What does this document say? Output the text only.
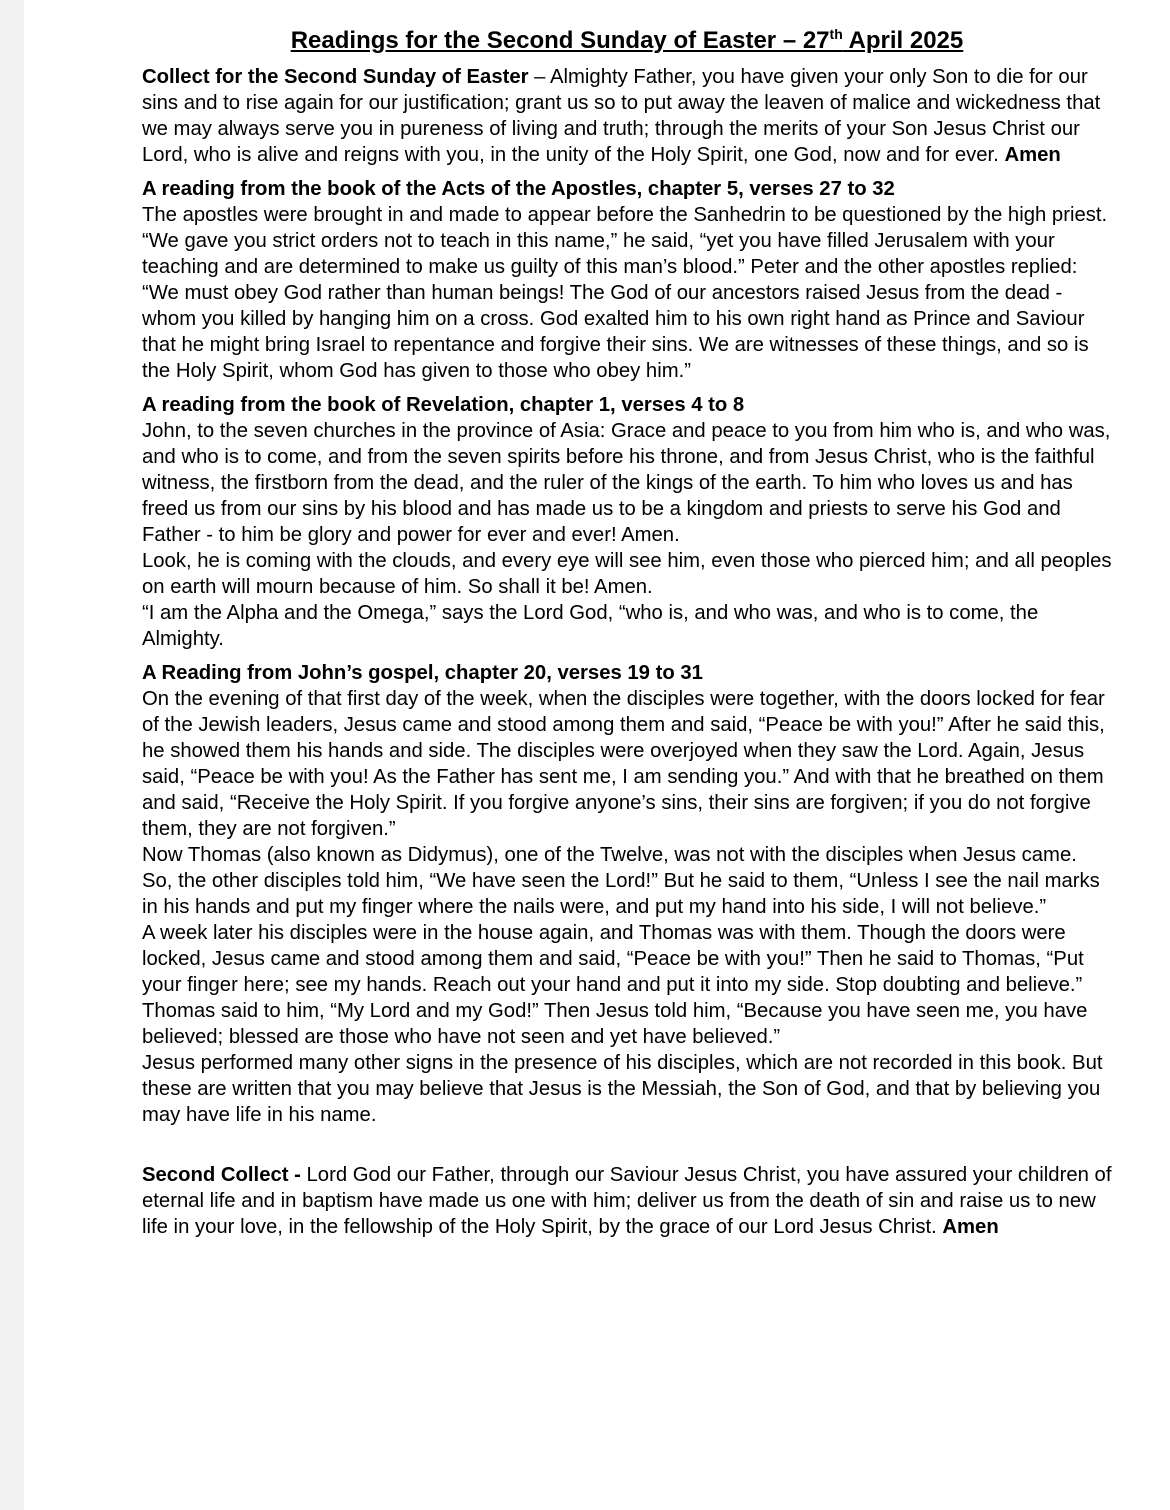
Readings for the Second Sunday of Easter – 27th April 2025

Collect for the Second Sunday of Easter – Almighty Father, you have given your only Son to die for our sins and to rise again for our justification; grant us so to put away the leaven of malice and wickedness that we may always serve you in pureness of living and truth; through the merits of your Son Jesus Christ our Lord, who is alive and reigns with you, in the unity of the Holy Spirit, one God, now and for ever. Amen

A reading from the book of the Acts of the Apostles, chapter 5, verses 27 to 32

The apostles were brought in and made to appear before the Sanhedrin to be questioned by the high priest. “We gave you strict orders not to teach in this name,” he said, “yet you have filled Jerusalem with your teaching and are determined to make us guilty of this man’s blood.” Peter and the other apostles replied: “We must obey God rather than human beings! The God of our ancestors raised Jesus from the dead - whom you killed by hanging him on a cross. God exalted him to his own right hand as Prince and Saviour that he might bring Israel to repentance and forgive their sins. We are witnesses of these things, and so is the Holy Spirit, whom God has given to those who obey him.”

A reading from the book of Revelation, chapter 1, verses 4 to 8

John, to the seven churches in the province of Asia: Grace and peace to you from him who is, and who was, and who is to come, and from the seven spirits before his throne, and from Jesus Christ, who is the faithful witness, the firstborn from the dead, and the ruler of the kings of the earth. To him who loves us and has freed us from our sins by his blood and has made us to be a kingdom and priests to serve his God and Father - to him be glory and power for ever and ever! Amen.

Look, he is coming with the clouds, and every eye will see him, even those who pierced him; and all peoples on earth will mourn because of him. So shall it be! Amen.

“I am the Alpha and the Omega,” says the Lord God, “who is, and who was, and who is to come, the Almighty.

A Reading from John’s gospel, chapter 20, verses 19 to 31

On the evening of that first day of the week, when the disciples were together, with the doors locked for fear of the Jewish leaders, Jesus came and stood among them and said, “Peace be with you!” After he said this, he showed them his hands and side. The disciples were overjoyed when they saw the Lord. Again, Jesus said, “Peace be with you! As the Father has sent me, I am sending you.” And with that he breathed on them and said, “Receive the Holy Spirit. If you forgive anyone’s sins, their sins are forgiven; if you do not forgive them, they are not forgiven.”

Now Thomas (also known as Didymus), one of the Twelve, was not with the disciples when Jesus came. So, the other disciples told him, “We have seen the Lord!” But he said to them, “Unless I see the nail marks in his hands and put my finger where the nails were, and put my hand into his side, I will not believe.”

A week later his disciples were in the house again, and Thomas was with them. Though the doors were locked, Jesus came and stood among them and said, “Peace be with you!” Then he said to Thomas, “Put your finger here; see my hands. Reach out your hand and put it into my side. Stop doubting and believe.” Thomas said to him, “My Lord and my God!” Then Jesus told him, “Because you have seen me, you have believed; blessed are those who have not seen and yet have believed.”

Jesus performed many other signs in the presence of his disciples, which are not recorded in this book. But these are written that you may believe that Jesus is the Messiah, the Son of God, and that by believing you may have life in his name.

Second Collect - Lord God our Father, through our Saviour Jesus Christ, you have assured your children of eternal life and in baptism have made us one with him; deliver us from the death of sin and raise us to new life in your love, in the fellowship of the Holy Spirit, by the grace of our Lord Jesus Christ. Amen
